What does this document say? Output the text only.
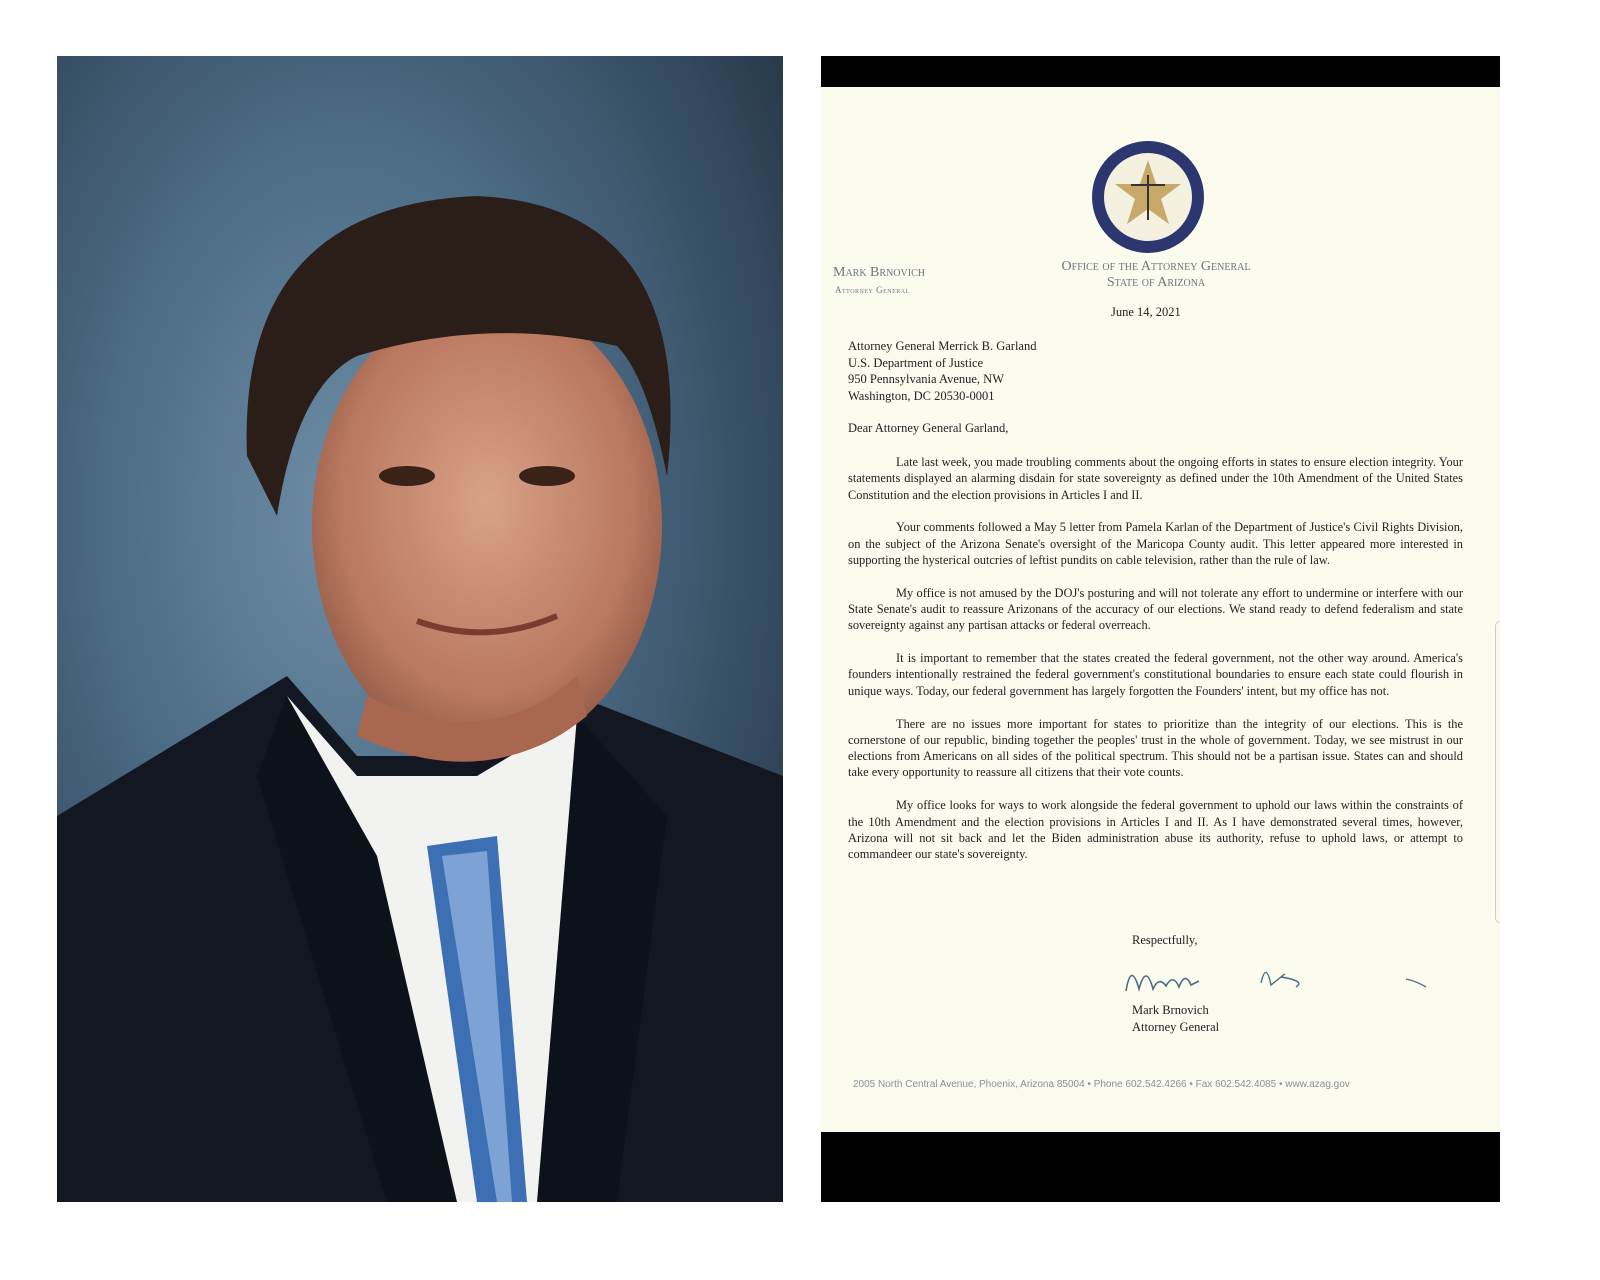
Mark Brnovich
Attorney General
Office of the Attorney General
State of Arizona
June 14, 2021
Attorney General Merrick B. Garland
U.S. Department of Justice
950 Pennsylvania Avenue, NW
Washington, DC 20530-0001
Dear Attorney General Garland,

Late last week, you made troubling comments about the ongoing efforts in states to ensure election integrity. Your statements displayed an alarming disdain for state sovereignty as defined under the 10th Amendment of the United States Constitution and the election provisions in Articles I and II.

Your comments followed a May 5 letter from Pamela Karlan of the Department of Justice's Civil Rights Division, on the subject of the Arizona Senate's oversight of the Maricopa County audit. This letter appeared more interested in supporting the hysterical outcries of leftist pundits on cable television, rather than the rule of law.

My office is not amused by the DOJ's posturing and will not tolerate any effort to undermine or interfere with our State Senate's audit to reassure Arizonans of the accuracy of our elections. We stand ready to defend federalism and state sovereignty against any partisan attacks or federal overreach.

It is important to remember that the states created the federal government, not the other way around. America's founders intentionally restrained the federal government's constitutional boundaries to ensure each state could flourish in unique ways. Today, our federal government has largely forgotten the Founders' intent, but my office has not.

There are no issues more important for states to prioritize than the integrity of our elections. This is the cornerstone of our republic, binding together the peoples' trust in the whole of government. Today, we see mistrust in our elections from Americans on all sides of the political spectrum. This should not be a partisan issue. States can and should take every opportunity to reassure all citizens that their vote counts.

My office looks for ways to work alongside the federal government to uphold our laws within the constraints of the 10th Amendment and the election provisions in Articles I and II. As I have demonstrated several times, however, Arizona will not sit back and let the Biden administration abuse its authority, refuse to uphold laws, or attempt to commandeer our state's sovereignty.

Respectfully,
Mark Brnovich
Attorney General
2005 North Central Avenue, Phoenix, Arizona 85004 • Phone 602.542.4266 • Fax 602.542.4085 • www.azag.gov
